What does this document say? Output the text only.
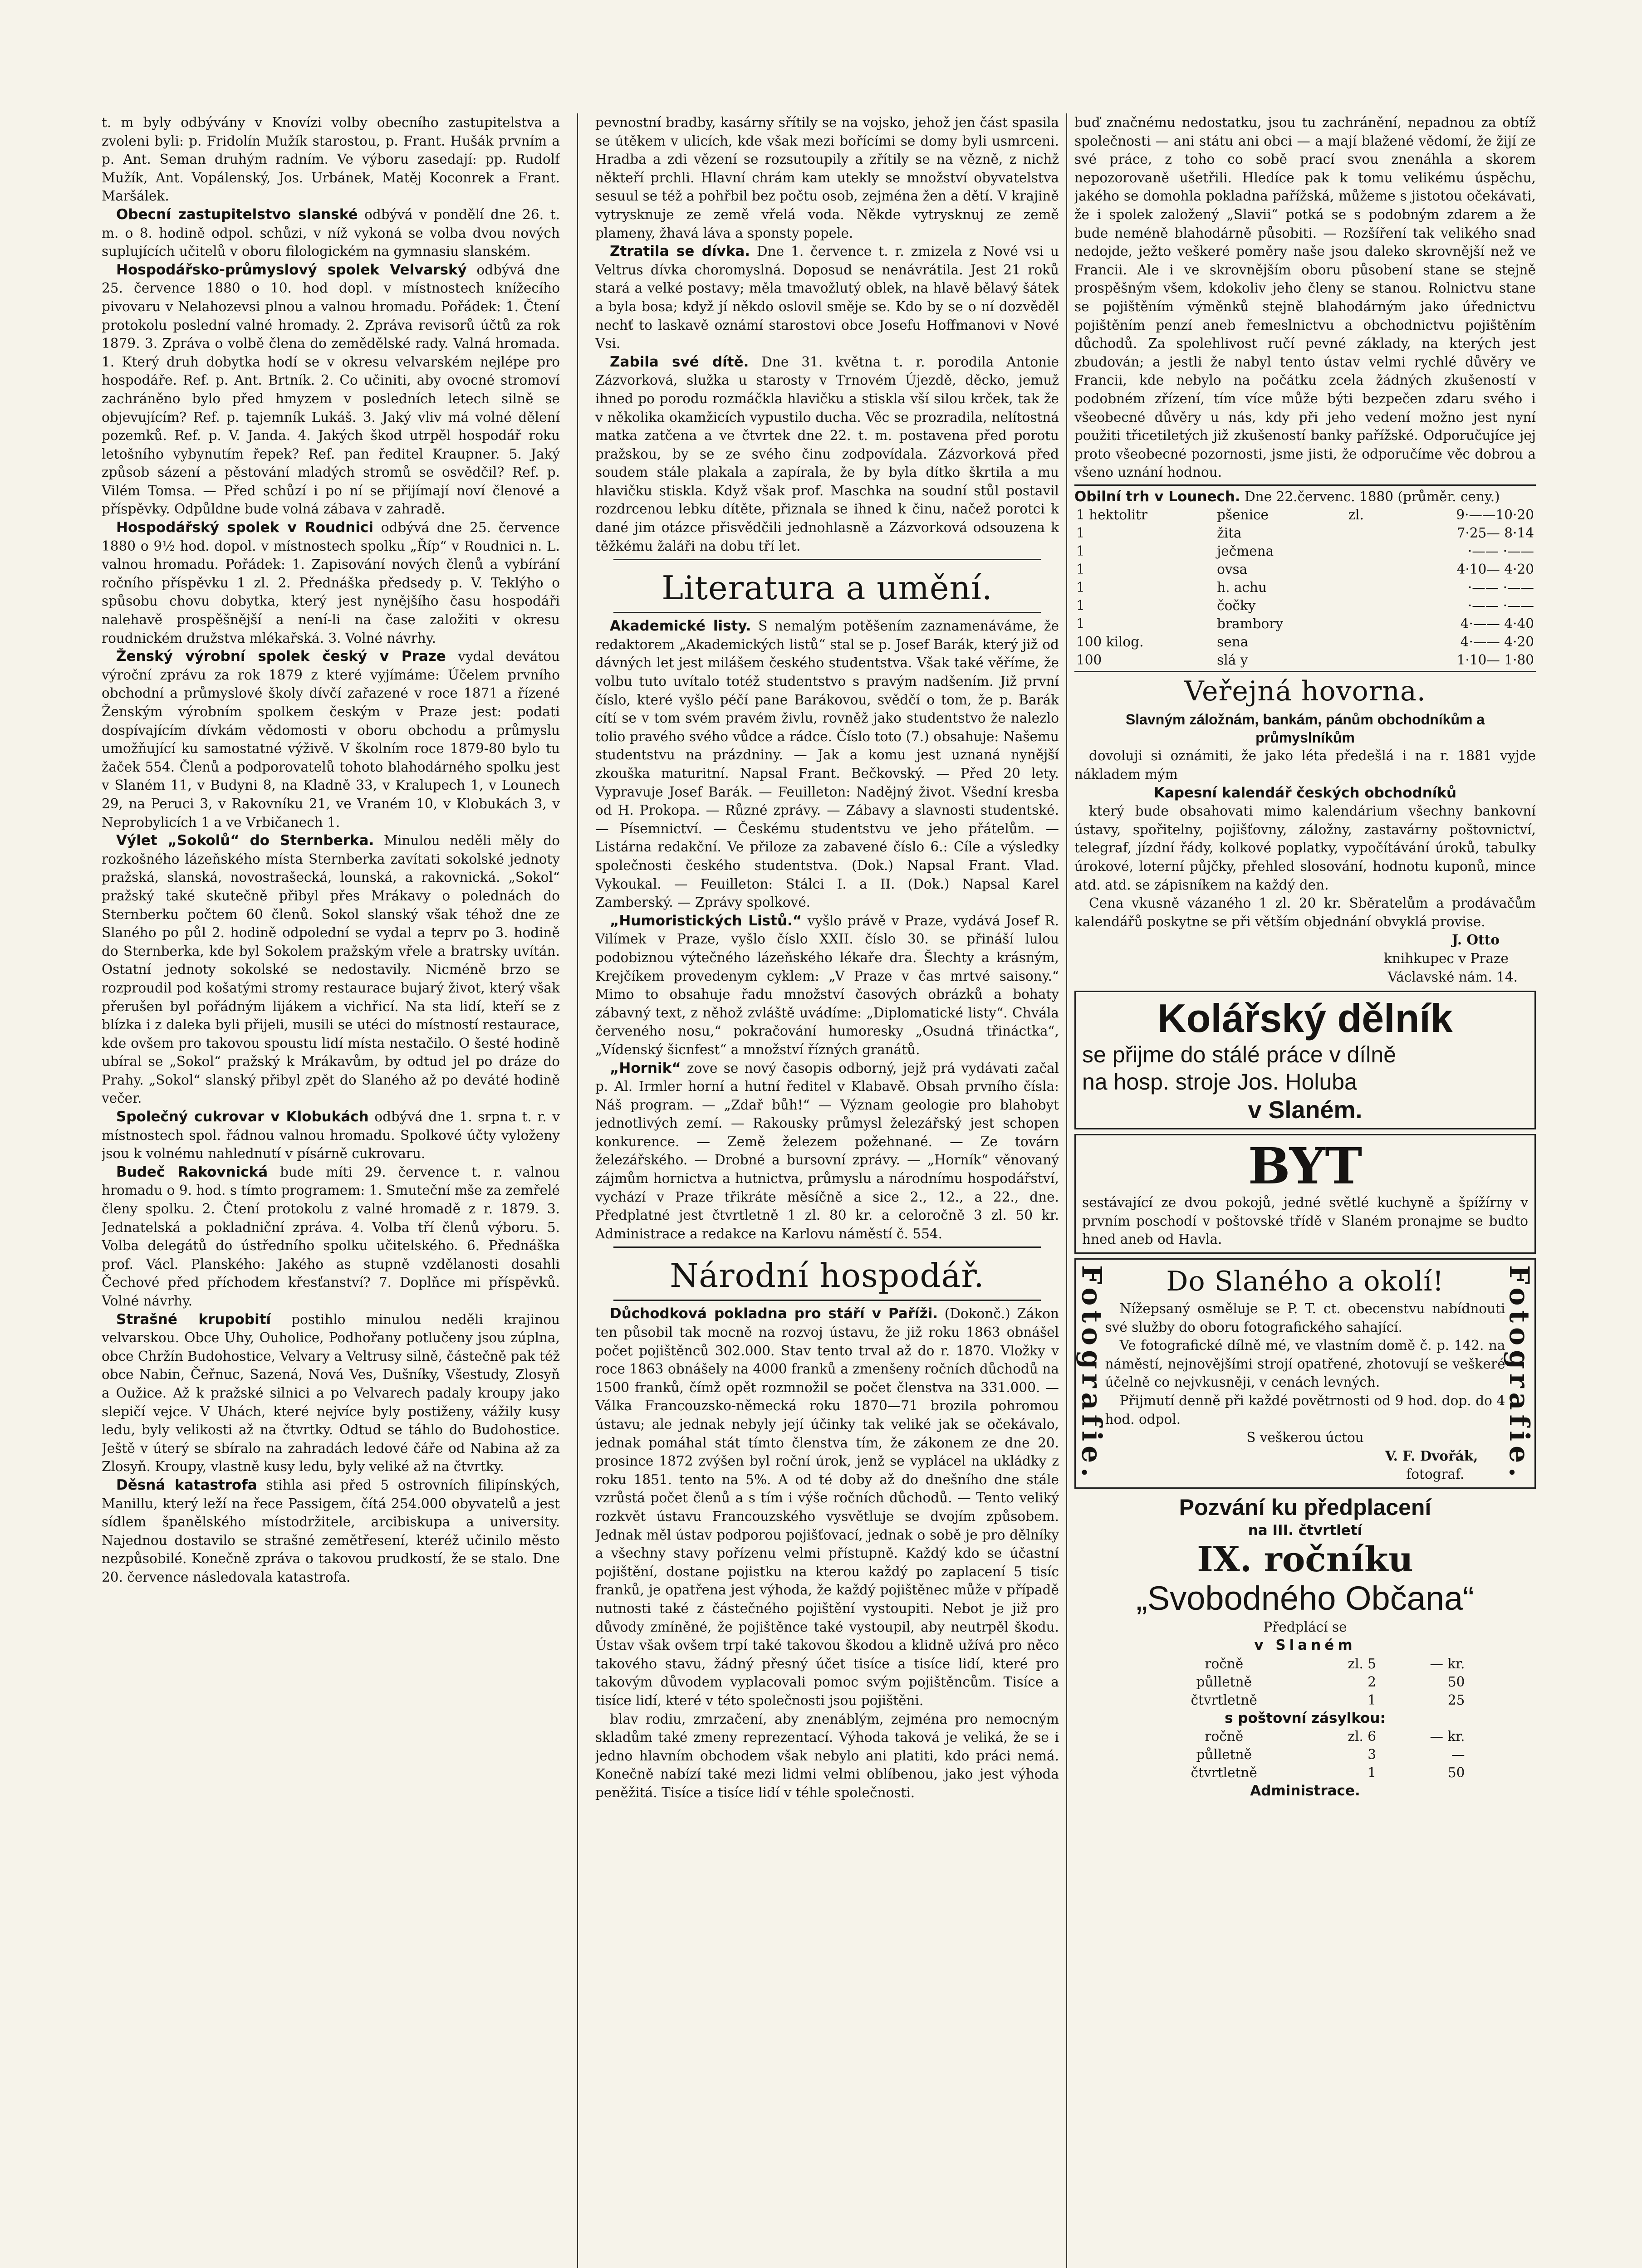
t. m byly odbývány v Knovízi volby obecního zastupitelstva a zvoleni byli: p. Fridolín Mužík starostou, p. Frant. Hušák prvním a p. Ant. Seman druhým radním. Ve výboru zasedají: pp. Rudolf Mužík, Ant. Vopálenský, Jos. Urbánek, Matěj Koconrek a Frant. Maršálek.

Obecní zastupitelstvo slanské odbývá v pondělí dne 26. t. m. o 8. hodině odpol. schůzi, v níž vykoná se volba dvou nových suplujících učitelů v oboru filologickém na gymnasiu slanském.

Hospodářsko-průmyslový spolek Velvarský odbývá dne 25. července 1880 o 10. hod dopl. v místnostech knížecího pivovaru v Nelahozevsi plnou a valnou hromadu. Pořádek: 1. Čtení protokolu poslední valné hromady. 2. Zpráva revisorů účtů za rok 1879. 3. Zpráva o volbě člena do zemědělské rady. Valná hromada. 1. Který druh dobytka hodí se v okresu velvarském nejlépe pro hospodáře. Ref. p. Ant. Brtník. 2. Co učiniti, aby ovocné stromoví zachráněno bylo před hmyzem v posledních letech silně se objevujícím? Ref. p. tajemník Lukáš. 3. Jaký vliv má volné dělení pozemků. Ref. p. V. Janda. 4. Jakých škod utrpěl hospodář roku letošního vybynutím řepek? Ref. pan ředitel Kraupner. 5. Jaký způsob sázení a pěstování mladých stromů se osvědčil? Ref. p. Vilém Tomsa. — Před schůzí i po ní se přijímají noví členové a příspěvky. Odpůldne bude volná zábava v zahradě.

Hospodářský spolek v Roudnici odbývá dne 25. července 1880 o 9½ hod. dopol. v místnostech spolku „Říp“ v Roudnici n. L. valnou hromadu. Pořádek: 1. Zapisování nových členů a vybírání ročního příspěvku 1 zl. 2. Přednáška předsedy p. V. Teklýho o spůsobu chovu dobytka, který jest nynějšího času hospodáři nalehavě prospěšnější a není-li na čase založiti v okresu roudnickém družstva mlékařská. 3. Volné návrhy.

Ženský výrobní spolek český v Praze vydal devátou výroční zprávu za rok 1879 z které vyjímáme: Účelem prvního obchodní a průmyslové školy dívčí zařazené v roce 1871 a řízené Ženským výrobním spolkem českým v Praze jest: podati dospívajícím dívkám vědomosti v oboru obchodu a průmyslu umožňující ku samostatné výživě. V školním roce 1879-80 bylo tu žaček 554. Členů a podporovatelů tohoto blahodárného spolku jest v Slaném 11, v Budyni 8, na Kladně 33, v Kralupech 1, v Lounech 29, na Peruci 3, v Rakovníku 21, ve Vraném 10, v Klobukách 3, v Neprobylicích 1 a ve Vrbičanech 1.

Výlet „Sokolů“ do Sternberka. Minulou neděli měly do rozkošného lázeňského místa Sternberka zavítati sokolské jednoty pražská, slanská, novostrašecká, lounská, a rakovnická. „Sokol“ pražský také skutečně přibyl přes Mrákavy o polednách do Sternberku počtem 60 členů. Sokol slanský však téhož dne ze Slaného po půl 2. hodině odpolední se vydal a teprv po 3. hodině do Sternberka, kde byl Sokolem pražským vřele a bratrsky uvítán. Ostatní jednoty sokolské se nedostavily. Nicméně brzo se rozproudil pod košatými stromy restaurace bujarý život, který však přerušen byl pořádným lijákem a vichřicí. Na sta lidí, kteří se z blízka i z daleka byli přijeli, musili se utéci do místností restaurace, kde ovšem pro takovou spoustu lidí místa nestačilo. O šesté hodině ubíral se „Sokol“ pražský k Mrákavům, by odtud jel po dráze do Prahy. „Sokol“ slanský přibyl zpět do Slaného až po deváté hodině večer.

Společný cukrovar v Klobukách odbývá dne 1. srpna t. r. v místnostech spol. řádnou valnou hromadu. Spolkové účty vyloženy jsou k volnému nahlednutí v písárně cukrovaru.

Budeč Rakovnická bude míti 29. července t. r. valnou hromadu o 9. hod. s tímto programem: 1. Smuteční mše za zemřelé členy spolku. 2. Čtení protokolu z valné hromadě z r. 1879. 3. Jednatelská a pokladniční zpráva. 4. Volba tří členů výboru. 5. Volba delegátů do ústředního spolku učitelského. 6. Přednáška prof. Václ. Planského: Jakého as stupně vzdělanosti dosahli Čechové před příchodem křesťanství? 7. Doplňce mi příspěvků. Volné návrhy.

Strašné krupobití postihlo minulou neděli krajinou velvarskou. Obce Uhy, Ouholice, Podhořany potlučeny jsou zúplna, obce Chržín Budohostice, Velvary a Veltrusy silně, částečně pak též obce Nabin, Čeřnuc, Sazená, Nová Ves, Dušníky, Všestudy, Zlosyň a Oužice. Až k pražské silnici a po Velvarech padaly kroupy jako slepičí vejce. V Uhách, které nejvíce byly postiženy, vážily kusy ledu, byly velikosti až na čtvrtky. Odtud se táhlo do Budohostice. Ještě v úterý se sbíralo na zahradách ledové čáře od Nabina až za Zlosyň. Kroupy, vlastně kusy ledu, byly veliké až na čtvrtky.

Děsná katastrofa stihla asi před 5 ostrovních filipínských, Manillu, který leží na řece Passigem, čítá 254.000 obyvatelů a jest sídlem španělského místodržitele, arcibiskupa a university. Najednou dostavilo se strašné zemětřesení, kteréž učinilo město nezpůsobilé. Konečně zpráva o takovou prudkostí, že se stalo. Dne 20. července následovala katastrofa.

pevnostní bradby, kasárny sřítily se na vojsko, jehož jen část spasila se útěkem v ulicích, kde však mezi bořícími se domy byli usmrceni. Hradba a zdi vězení se rozsutoupily a zřítily se na vězně, z nichž někteří prchli. Hlavní chrám kam utekly se množství obyvatelstva sesuul se též a pohřbil bez počtu osob, zejména žen a dětí. V krajině vytrysknuje ze země vřelá voda. Někde vytrysknuj ze země plameny, žhavá láva a sponsty popele.

Ztratila se dívka. Dne 1. července t. r. zmizela z Nové vsi u Veltrus dívka choromyslná. Doposud se nenávrátila. Jest 21 roků stará a velké postavy; měla tmavožlutý oblek, na hlavě bělavý šátek a byla bosa; když jí někdo oslovil směje se. Kdo by se o ní dozvěděl nechť to laskavě oznámí starostovi obce Josefu Hoffmanovi v Nové Vsi.

Zabila své dítě. Dne 31. května t. r. porodila Antonie Zázvorková, služka u starosty v Trnovém Újezdě, děcko, jemuž ihned po porodu rozmáčkla hlavičku a stiskla vší silou krček, tak že v několika okamžicích vypustilo ducha. Věc se prozradila, nelítostná matka zatčena a ve čtvrtek dne 22. t. m. postavena před porotu pražskou, by se ze svého činu zodpovídala. Zázvorková před soudem stále plakala a zapírala, že by byla dítko škrtila a mu hlavičku stiskla. Když však prof. Maschka na soudní stůl postavil rozdrcenou lebku dítěte, přiznala se ihned k činu, načež porotci k dané jim otázce přisvědčili jednohlasně a Zázvorková odsouzena k těžkému žaláři na dobu tří let.

Literatura a umění.

Akademické listy. S nemalým potěšením zaznamenáváme, že redaktorem „Akademických listů“ stal se p. Josef Barák, který již od dávných let jest milášem českého studentstva. Však také věříme, že volbu tuto uvítalo totéž studentstvo s pravým nadšením. Již první číslo, které vyšlo péčí pane Barákovou, svědčí o tom, že p. Barák cítí se v tom svém pravém živlu, rovněž jako studentstvo že nalezlo tolio pravého svého vůdce a rádce. Číslo toto (7.) obsahuje: Našemu studentstvu na prázdniny. — Jak a komu jest uznaná nynější zkouška maturitní. Napsal Frant. Bečkovský. — Před 20 lety. Vypravuje Josef Barák. — Feuilleton: Nadějný život. Všední kresba od H. Prokopa. — Různé zprávy. — Zábavy a slavnosti studentské. — Písemnictví. — Českému studentstvu ve jeho přátelům. — Listárna redakční. Ve přiloze za zabavené číslo 6.: Cíle a výsledky společnosti českého studentstva. (Dok.) Napsal Frant. Vlad. Vykoukal. — Feuilleton: Stálci I. a II. (Dok.) Napsal Karel Zamberský. — Zprávy spolkové.

„Humoristických Listů.“ vyšlo právě v Praze, vydává Josef R. Vilímek v Praze, vyšlo číslo XXII. číslo 30. se přináší lulou podobiznou výtečného lázeňského lékaře dra. Šlechty a krásným, Krejčíkem provedenym cyklem: „V Praze v čas mrtvé saisony.“ Mimo to obsahuje řadu množství časových obrázků a bohaty zábavný text, z něhož zvláště uvádíme: „Diplomatické listy“. Chvála červeného nosu,“ pokračování humoresky „Osudná třináctka“, „Vídenský šicnfest“ a množství řízných granátů.

„Hornik“ zove se nový časopis odborný, jejž prá vydávati začal p. Al. Irmler horní a hutní ředitel v Klabavě. Obsah prvního čísla: Náš program. — „Zdař bůh!“ — Význam geologie pro blahobyt jednotlivých zemí. — Rakousky průmysl železářský jest schopen konkurence. — Země železem požehnané. — Ze továrn železářského. — Drobné a bursovní zprávy. — „Horník“ věnovaný zájmům hornictva a hutnictva, průmyslu a národnímu hospodářství, vychází v Praze třikráte měsíčně a sice 2., 12., a 22., dne. Předplatné jest čtvrtletně 1 zl. 80 kr. a celoročně 3 zl. 50 kr. Administrace a redakce na Karlovu náměstí č. 554.

Národní hospodář.

Důchodková pokladna pro stáří v Paříži. (Dokonč.) Zákon ten působil tak mocně na rozvoj ústavu, že již roku 1863 obnášel počet pojištěnců 302.000. Stav tento trval až do r. 1870. Vložky v roce 1863 obnášely na 4000 franků a zmenšeny ročních důchodů na 1500 franků, čímž opět rozmnožil se počet členstva na 331.000. — Válka Francouzsko-německá roku 1870—71 brozila pohromou ústavu; ale jednak nebyly její účinky tak veliké jak se očekávalo, jednak pomáhal stát tímto členstva tím, že zákonem ze dne 20. prosince 1872 zvýšen byl roční úrok, jenž se vyplácel na ukládky z roku 1851. tento na 5%. A od té doby až do dnešního dne stále vzrůstá počet členů a s tím i výše ročních důchodů. — Tento veliký rozkvět ústavu Francouzského vysvětluje se dvojím způsobem. Jednak měl ústav podporou pojišťovací, jednak o sobě je pro dělníky a všechny stavy pořízenu velmi přístupně. Každý kdo se účastní pojištění, dostane pojistku na kterou každý po zaplacení 5 tisíc franků, je opatřena jest výhoda, že každý pojištěnec může v případě nutnosti také z částečného pojištění vystoupiti. Nebot je již pro důvody zmíněné, že pojištěnce také vystoupil, aby neutrpěl škodu. Ústav však ovšem trpí také takovou škodou a klidně užívá pro něco takového stavu, žádný přesný účet tisíce a tisíce lidí, které pro takovým důvodem vyplacovali pomoc svým pojištěncům. Tisíce a tisíce lidí, které v této společnosti jsou pojištěni.

blav rodiu, zmrzačení, aby znenáblým, zejména pro nemocným skladům také zmeny reprezentací. Výhoda taková je veliká, že se i jedno hlavním obchodem však nebylo ani platiti, kdo práci nemá. Konečně nabízí také mezi lidmi velmi oblíbenou, jako jest výhoda peněžitá. Tisíce a tisíce lidí v téhle společnosti.

buď značnému nedostatku, jsou tu zachránění, nepadnou za obtíž společnosti — ani státu ani obci — a mají blažené vědomí, že žijí ze své práce, z toho co sobě prací svou znenáhla a skorem nepozorovaně ušetřili. Hledíce pak k tomu velikému úspěchu, jakého se domohla pokladna pařížská, můžeme s jistotou očekávati, že i spolek založený „Slavii“ potká se s podobným zdarem a že bude neméně blahodárně působiti. — Rozšíření tak velikého snad nedojde, ježto veškeré poměry naše jsou daleko skrovnější než ve Francii. Ale i ve skrovnějším oboru působení stane se stejně prospěšným všem, kdokoliv jeho členy se stanou. Rolnictvu stane se pojištěním výměnků stejně blahodárným jako úřednictvu pojištěním penzí aneb řemeslnictvu a obchodnictvu pojištěním důchodů. Za spolehlivost ručí pevné základy, na kterých jest zbudován; a jestli že nabyl tento ústav velmi rychlé důvěry ve Francii, kde nebylo na počátku zcela žádných zkušeností v podobném zřízení, tím více může býti bezpečen zdaru svého i všeobecné důvěry u nás, kdy při jeho vedení možno jest nyní použiti třicetiletých již zkušeností banky pařížské. Odporučujíce jej proto všeobecné pozornosti, jsme jisti, že odporučíme věc dobrou a všeno uznání hodnou.

Obilní trh v Lounech. Dne 22.červenc. 1880 (průměr. ceny.)
1 hektolitr	pšenice	zl.	9·——10·20
1	žita		7·25— 8·14
1	ječmena		·—— ·——
1	ovsa		4·10— 4·20
1	h. achu		·—— ·——
1	čočky		·—— ·——
1	brambory		4·—— 4·40
100 kilog.	sena		4·—— 4·20
100	slá y		1·10— 1·80
Veřejná hovorna.
Slavným záložnám, bankám, pánům obchodníkům a průmyslníkům

dovoluji si oznámiti, že jako léta předešlá i na r. 1881 vyjde nákladem mým

Kapesní kalendář českých obchodníků

který bude obsahovati mimo kalendárium všechny bankovní ústavy, spořitelny, pojišťovny, záložny, zastavárny poštovnictví, telegraf, jízdní řády, kolkové poplatky, vypočítávání úroků, tabulky úrokové, loterní půjčky, přehled slosování, hodnotu kuponů, mince atd. atd. se zápisníkem na každý den.

Cena vkusně vázaného 1 zl. 20 kr. Sběratelům a prodávačům kalendářů poskytne se při větším objednání obvyklá provise.

J. Otto
knihkupec v Praze
Václavské nám. 14.
Kolářský dělník
se přijme do stálé práce v dílně
na hosp. stroje Jos. Holuba
v Slaném.
BYT

sestávající ze dvou pokojů, jedné světlé kuchyně a špížírny v prvním poschodí v poštovské třídě v Slaném pronajme se budto hned aneb od Havla.

Fotografie.	Do Slaného a okolí!

Nížepsaný osměluje se P. T. ct. obecenstvu nabídnouti své služby do oboru fotografického sahající.

Ve fotografické dílně mé, ve vlastním domě č. p. 142. na náměstí, nejnovějšími strojí opatřené, zhotovují se veškeré účelně co nejvkusněji, v cenách levných.

Přijmutí denně při každé povětrnosti od 9 hod. dop. do 4 hod. odpol.

S veškerou úctou
V. F. Dvořák,
fotograf.	Fotografie.
Pozvání ku předplacení
na III. čtvrtletí
IX. ročníku
„Svobodného Občana“
Předplácí se
v Slaném
ročně	zl. 5	— kr.
půlletně	2	50
čtvrtletně	1	25
s poštovní zásylkou:
ročně	zl. 6	— kr.
půlletně	3	—
čtvrtletně	1	50
Administrace.
